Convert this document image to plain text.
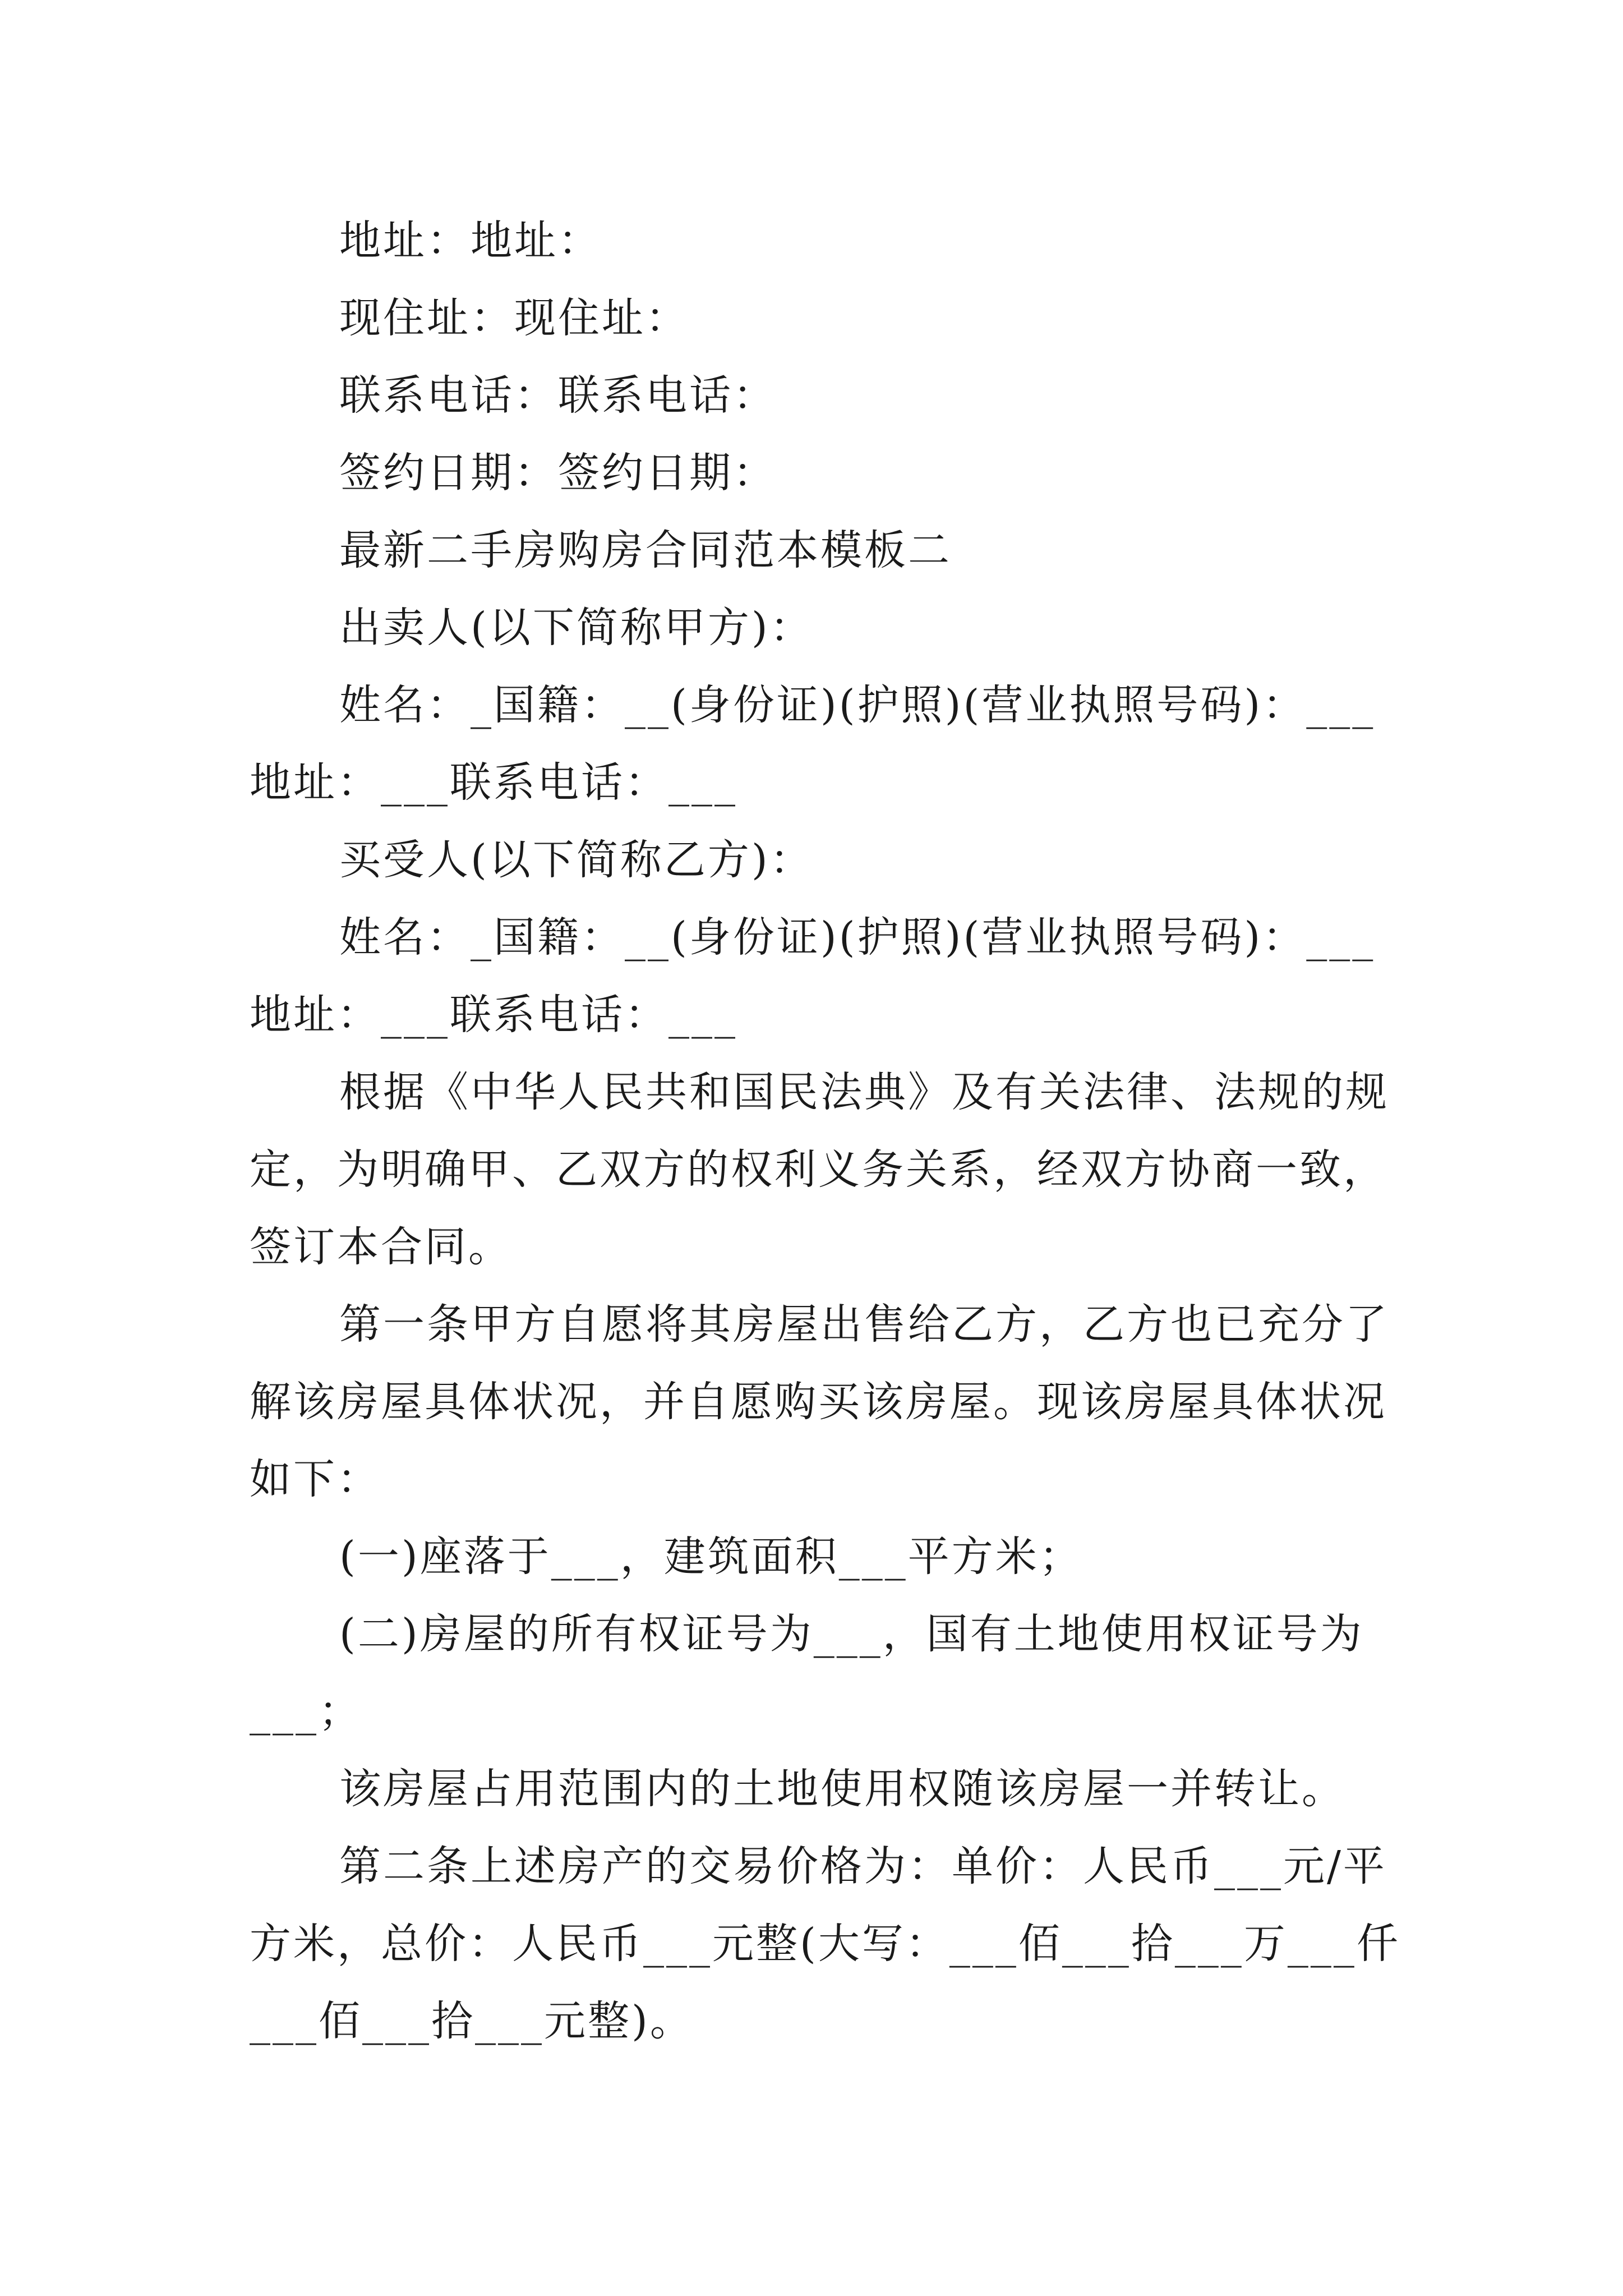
地址：地址：
现住址：现住址：
联系电话：联系电话：
签约日期：签约日期：
最新二手房购房合同范本模板二
出卖人(以下简称甲方)：
姓名：_国籍：__(身份证)(护照)(营业执照号码)：___
地址：___联系电话：___
买受人(以下简称乙方)：
姓名：_国籍：__(身份证)(护照)(营业执照号码)：___
地址：___联系电话：___
根据《中华人民共和国民法典》及有关法律、法规的规
定，为明确甲、乙双方的权利义务关系，经双方协商一致，
签订本合同。
第一条甲方自愿将其房屋出售给乙方，乙方也已充分了
解该房屋具体状况，并自愿购买该房屋。现该房屋具体状况
如下：
(一)座落于___，建筑面积___平方米；
(二)房屋的所有权证号为___，国有土地使用权证号为
___；
该房屋占用范围内的土地使用权随该房屋一并转让。
第二条上述房产的交易价格为：单价：人民币___元/平
方米，总价：人民币___元整(大写：___佰___拾___万___仟
___佰___拾___元整)。
